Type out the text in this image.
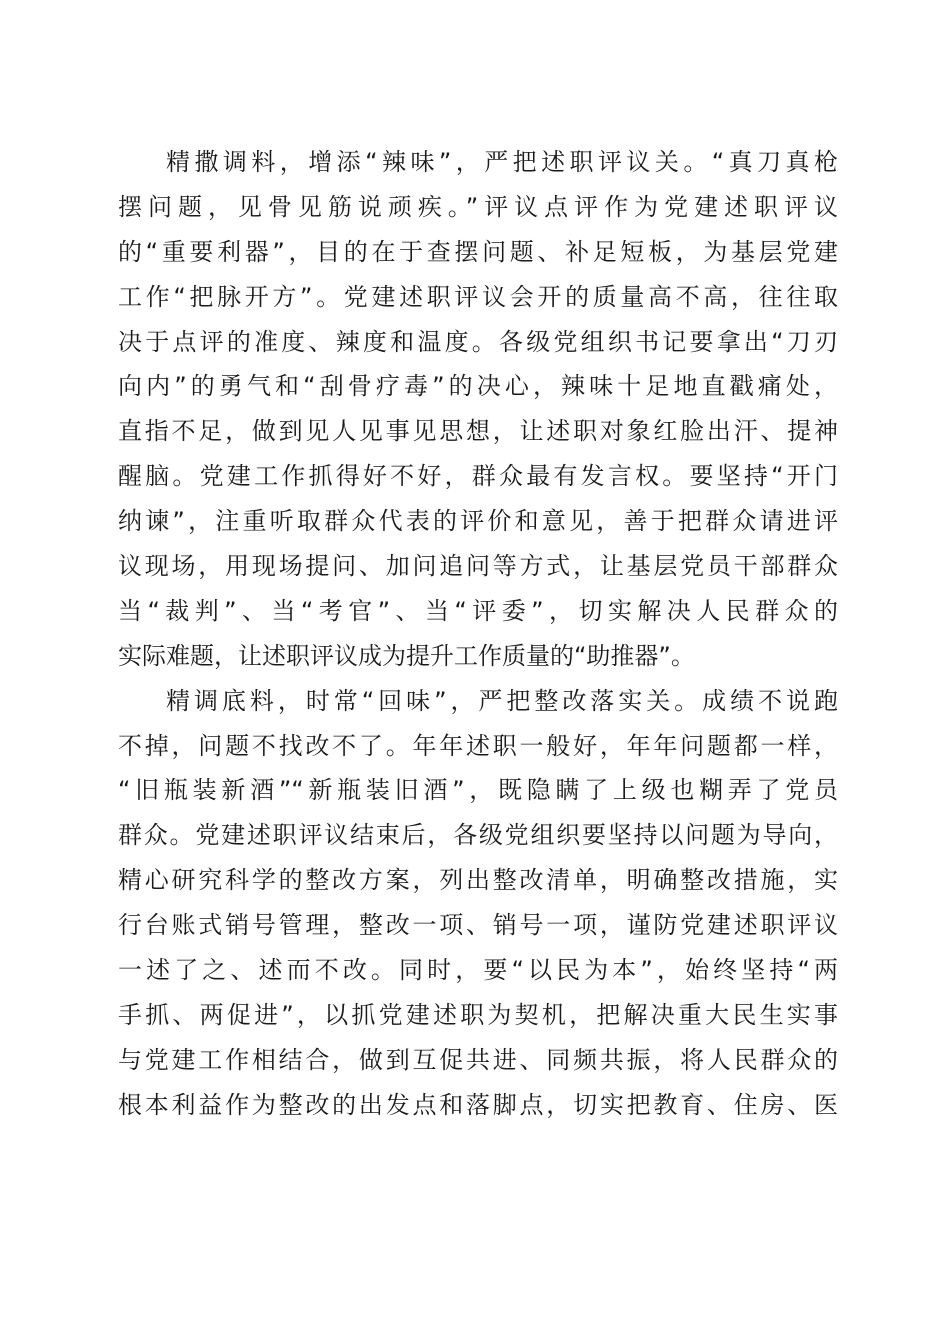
精撒调料，增添“辣味”，严把述职评议关。“真刀真枪
摆问题，见骨见筋说顽疾。”评议点评作为党建述职评议
的“重要利器”，目的在于查摆问题、补足短板，为基层党建
工作“把脉开方”。党建述职评议会开的质量高不高，往往取
决于点评的准度、辣度和温度。各级党组织书记要拿出“刀刃
向内”的勇气和“刮骨疗毒”的决心，辣味十足地直戳痛处，
直指不足，做到见人见事见思想，让述职对象红脸出汗、提神
醒脑。党建工作抓得好不好，群众最有发言权。要坚持“开门
纳谏”，注重听取群众代表的评价和意见，善于把群众请进评
议现场，用现场提问、加问追问等方式，让基层党员干部群众
当“裁判”、当“考官”、当“评委”，切实解决人民群众的
实际难题，让述职评议成为提升工作质量的“助推器”。
精调底料，时常“回味”，严把整改落实关。成绩不说跑
不掉，问题不找改不了。年年述职一般好，年年问题都一样，
“旧瓶装新酒”“新瓶装旧酒”，既隐瞒了上级也糊弄了党员
群众。党建述职评议结束后，各级党组织要坚持以问题为导向，
精心研究科学的整改方案，列出整改清单，明确整改措施，实
行台账式销号管理，整改一项、销号一项，谨防党建述职评议
一述了之、述而不改。同时，要“以民为本”，始终坚持“两
手抓、两促进”，以抓党建述职为契机，把解决重大民生实事
与党建工作相结合，做到互促共进、同频共振，将人民群众的
根本利益作为整改的出发点和落脚点，切实把教育、住房、医
